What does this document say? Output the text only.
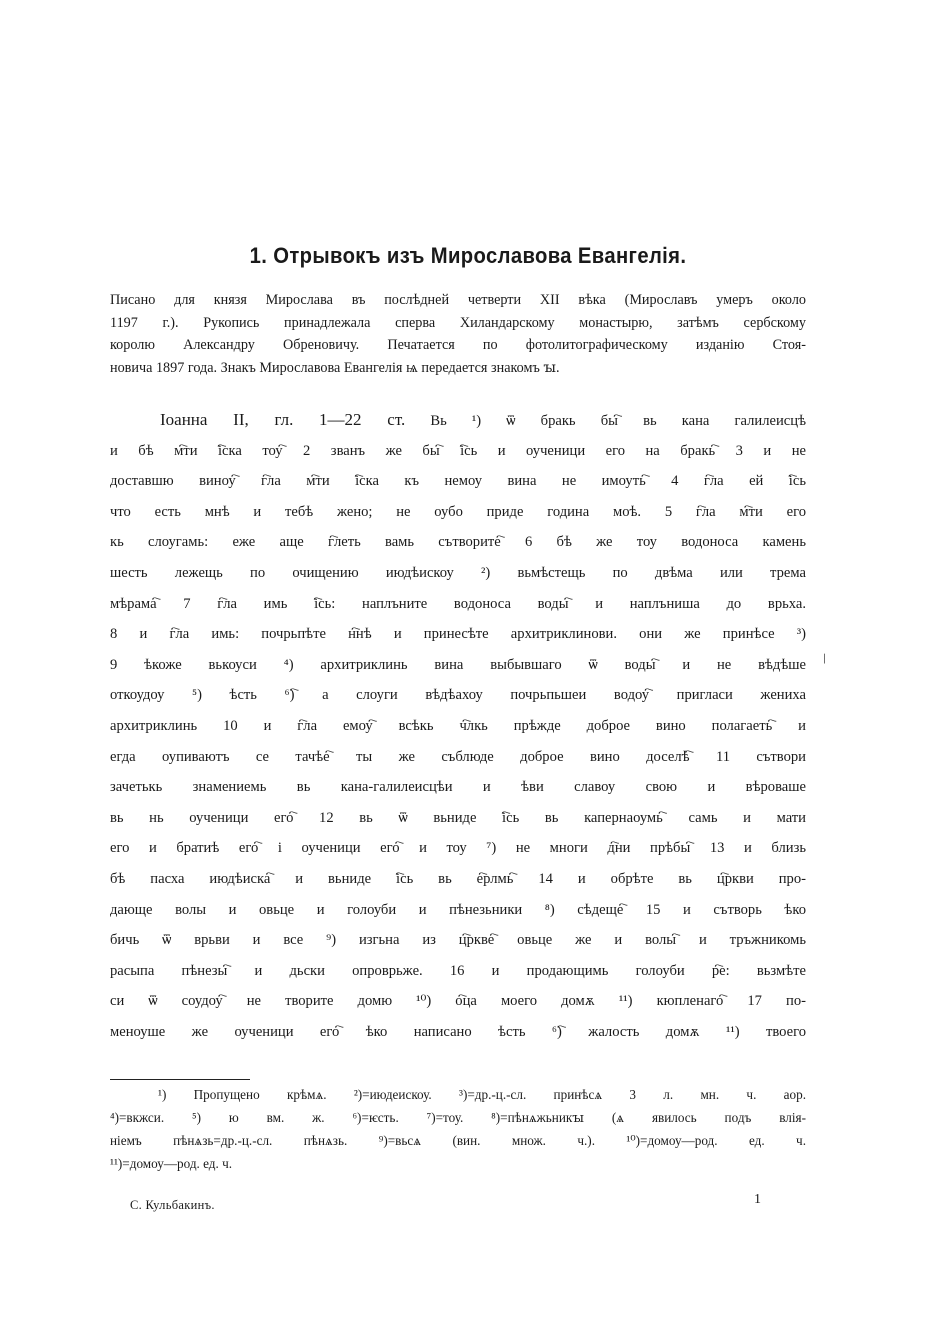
1. Отрывокъ изъ Мирославова Евангелія.
Писано для князя Мирослава въ послѣдней четверти XII вѣка (Мирославъ умеръ около
1197 г.). Рукопись принадлежала сперва Хиландарскому монастырю, затѣмъ сербскому
королю Александру Обреновичу. Печатается по фотолитографическому изданію Стоя-
новича 1897 года. Знакъ Мирославова Евангелія ѩ передается знакомъ ꙑ.
Іоанна II, гл. 1—22 ст. Вь ¹) ѿ бракь бы҇ вь кана галилеисцѣ
и бѣ м҇ти і҇ска тоу҇ 2 званъ же бы҇ і҇сь и оученици его на бракь҇ 3 и не
доставшю виноу҇ г҇ла м҇ти і҇ска къ немоу вина не имоуть҇ 4 г҇ла ей і҇сь
что есть мнѣ и тебѣ жено; не оубо приде година моѣ. 5 г҇ла м҇ти его
кь слоугамь: еже аще г҇леть вамь сътворите҇ 6 бѣ же тоу водоноса камень
шесть лежещь по очищению июдѣискоу ²) вьмѣстещь по двѣма или трема
мѣрама҇ 7 г҇ла имь і҇сь: наплъните водоноса воды҇ и наплъниша до врьха.
8 и г҇ла имь: почрьпѣте н҇нѣ и принесѣте архитриклинови. они же принѣсе ³)
9 ѣкоже вькоуси ⁴) архитриклинь вина выбывшаго ѿ воды҇ и не вѣдѣше
откоудоу ⁵) ѣсть ⁶)҇ а слоуги вѣдѣахоу почрьпьшеи водоу҇ пригласи жениха
архитриклинь 10 и г҇ла емоу҇ всѣкь ч҇лкь прѣжде доброе вино полагаеть҇ и
егда оупиваютъ се тачѣе҇ ты же съблюде доброе вино доселѣ҇ 11 сътвори
зачетькь знамениемь вь кана-галилеисцѣи и ѣви славоу свою и вѣроваше
вь нь оученици его҇ 12 вь ѿ вьниде і҇сь вь капернаоумь҇ самь и мати
его и братиѣ его҇ і оученици его҇ и тоу ⁷) не многи д҇ни прѣбы҇ 13 и близь
бѣ пасха июдѣиска҇ и вьниде і҇сь вь е҇рлмь҇ 14 и обрѣте вь ц҇ркви про-
дающе волы и овьце и голоуби и пѣнезьники ⁸) сѣдеще҇ 15 и сътворь ѣко
бичь ѿ врьви и все ⁹) изгьна из ц҇ркве҇ овьце же и волы҇ и тръжникомь
расыпа пѣнезы҇ и дьски опроврьже. 16 и продающимь голоуби р҇е: вьзмѣте
си ѿ соудоу҇ не творите домю ¹⁰) о҇ца моего домѫ ¹¹) кюпленаго҇ 17 по-
меноуше же оученици его҇ ѣко написано ѣсть ⁶)҇ жалость домѫ ¹¹) твоего
/
¹) Пропущено крѣмѧ. ²)=июдеискоу. ³)=др.-ц.-сл. принѣсѧ 3 л. мн. ч. аор.
⁴)=вкжси. ⁵) ю вм. ж. ⁶)=ѥсть. ⁷)=тоу. ⁸)=пѣнѧжьникꙑ (ѧ явилось подъ влія-
ніемъ пѣнѧзь=др.-ц.-сл. пѣнѧзь. ⁹)=вьсѧ (вин. множ. ч.). ¹⁰)=домоу—род. ед. ч.
¹¹)=домоу—род. ед. ч.
С. Кульбакинъ.	1
